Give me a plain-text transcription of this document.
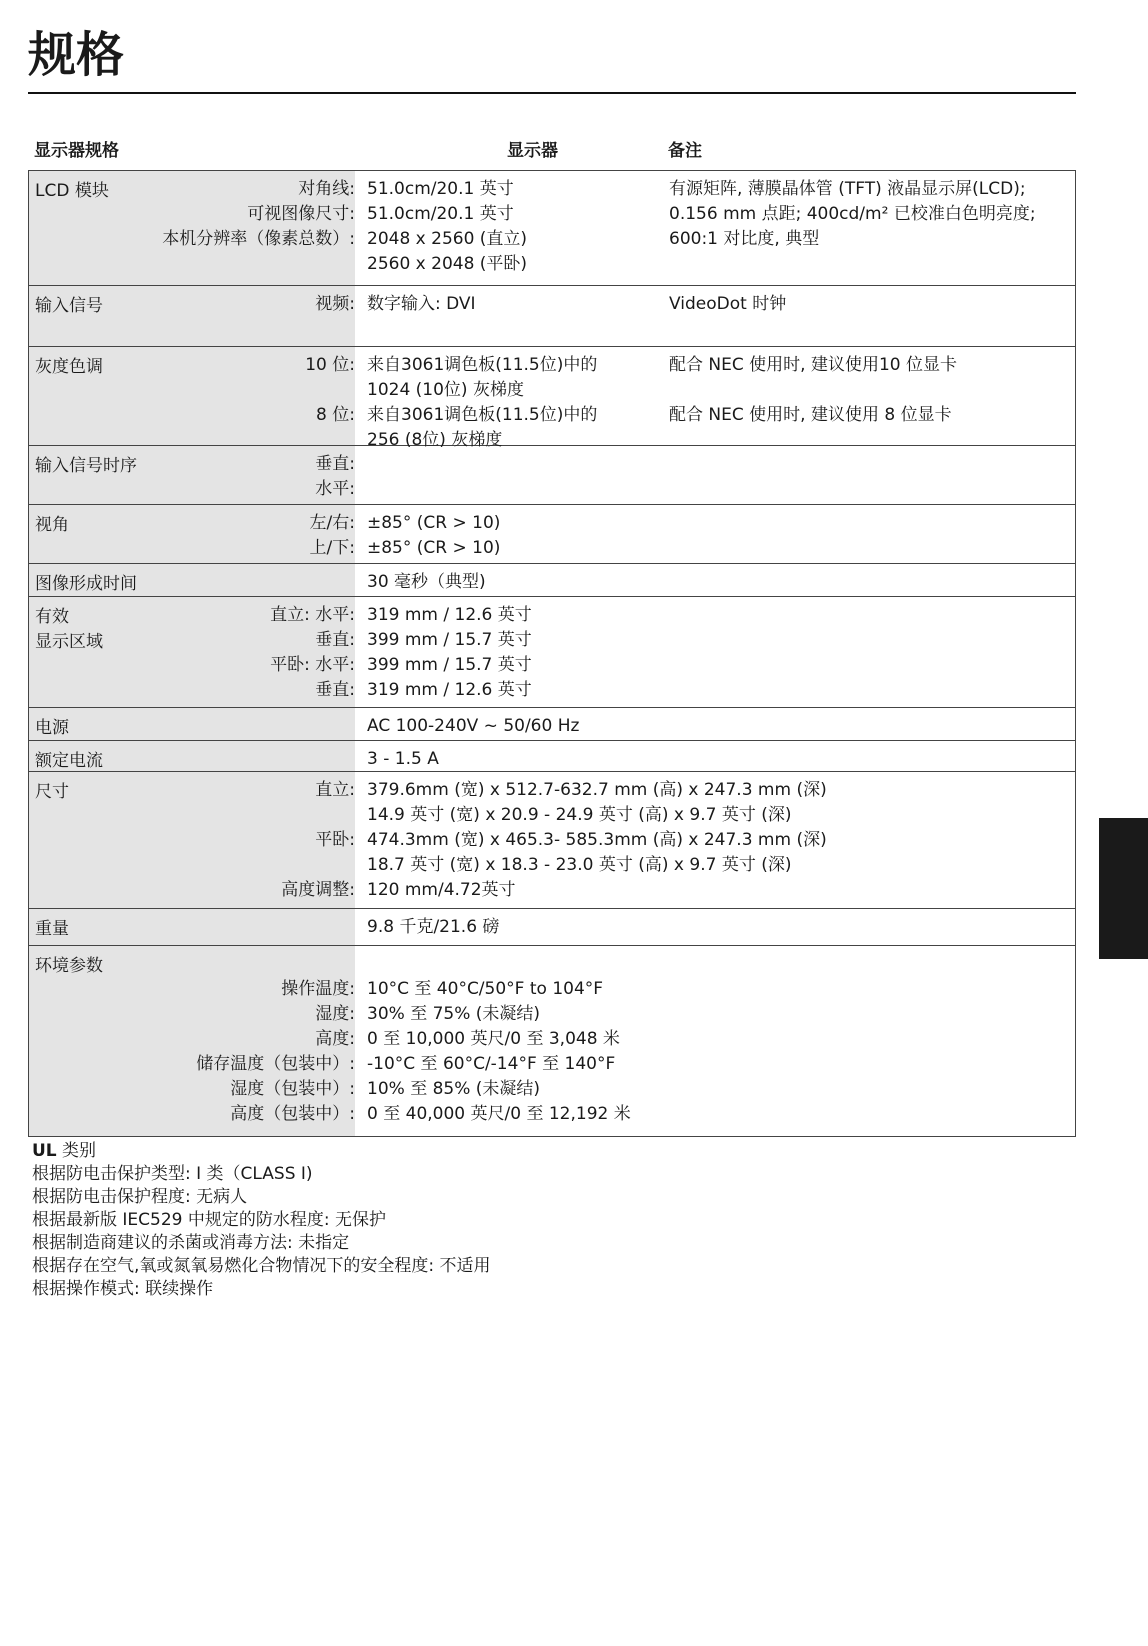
规格
显示器规格	显示器	备注
LCD 模块	对角线: 51.0cm/20.1 英寸	有源矩阵, 薄膜晶体管 (TFT) 液晶显示屏(LCD);
可视图像尺寸: 51.0cm/20.1 英寸	0.156 mm 点距; 400cd/m² 已校准白色明亮度;
本机分辨率（像素总数）: 2048 x 2560 (直立)	600:1 对比度, 典型
2560 x 2048 (平卧)
输入信号	视频: 数字输入: DVI	VideoDot 时钟
灰度色调	10 位: 来自3061调色板(11.5位)中的	配合 NEC 使用时, 建议使用10 位显卡
1024 (10位) 灰梯度
8 位: 来自3061调色板(11.5位)中的	配合 NEC 使用时, 建议使用 8 位显卡
256 (8位) 灰梯度
输入信号时序	垂直:
水平:
视角	左/右: ±85° (CR > 10)
上/下: ±85° (CR > 10)
图像形成时间	30 毫秒（典型)
有效
显示区域
直立: 水平: 319 mm / 12.6 英寸
垂直: 399 mm / 15.7 英寸
平卧: 水平: 399 mm / 15.7 英寸
垂直: 319 mm / 12.6 英寸
电源	AC 100-240V ~ 50/60 Hz
额定电流	3 - 1.5 A
尺寸	直立: 379.6mm (宽) x 512.7-632.7 mm (高) x 247.3 mm (深)
14.9 英寸 (宽) x 20.9 - 24.9 英寸 (高) x 9.7 英寸 (深)
平卧: 474.3mm (宽) x 465.3- 585.3mm (高) x 247.3 mm (深)
18.7 英寸 (宽) x 18.3 - 23.0 英寸 (高) x 9.7 英寸 (深)
高度调整: 120 mm/4.72英寸
重量	9.8 千克/21.6 磅
环境参数
操作温度: 10°C 至 40°C/50°F to 104°F
湿度: 30% 至 75% (未凝结)
高度: 0 至 10,000 英尺/0 至 3,048 米
储存温度（包装中）: -10°C 至 60°C/-14°F 至 140°F
湿度（包装中）: 10% 至 85% (未凝结)
高度（包装中）: 0 至 40,000 英尺/0 至 12,192 米
UL 类别
根据防电击保护类型: I 类（CLASS I)
根据防电击保护程度: 无病人
根据最新版 IEC529 中规定的防水程度: 无保护
根据制造商建议的杀菌或消毒方法: 未指定
根据存在空气,氧或氮氧易燃化合物情况下的安全程度: 不适用
根据操作模式: 联续操作
